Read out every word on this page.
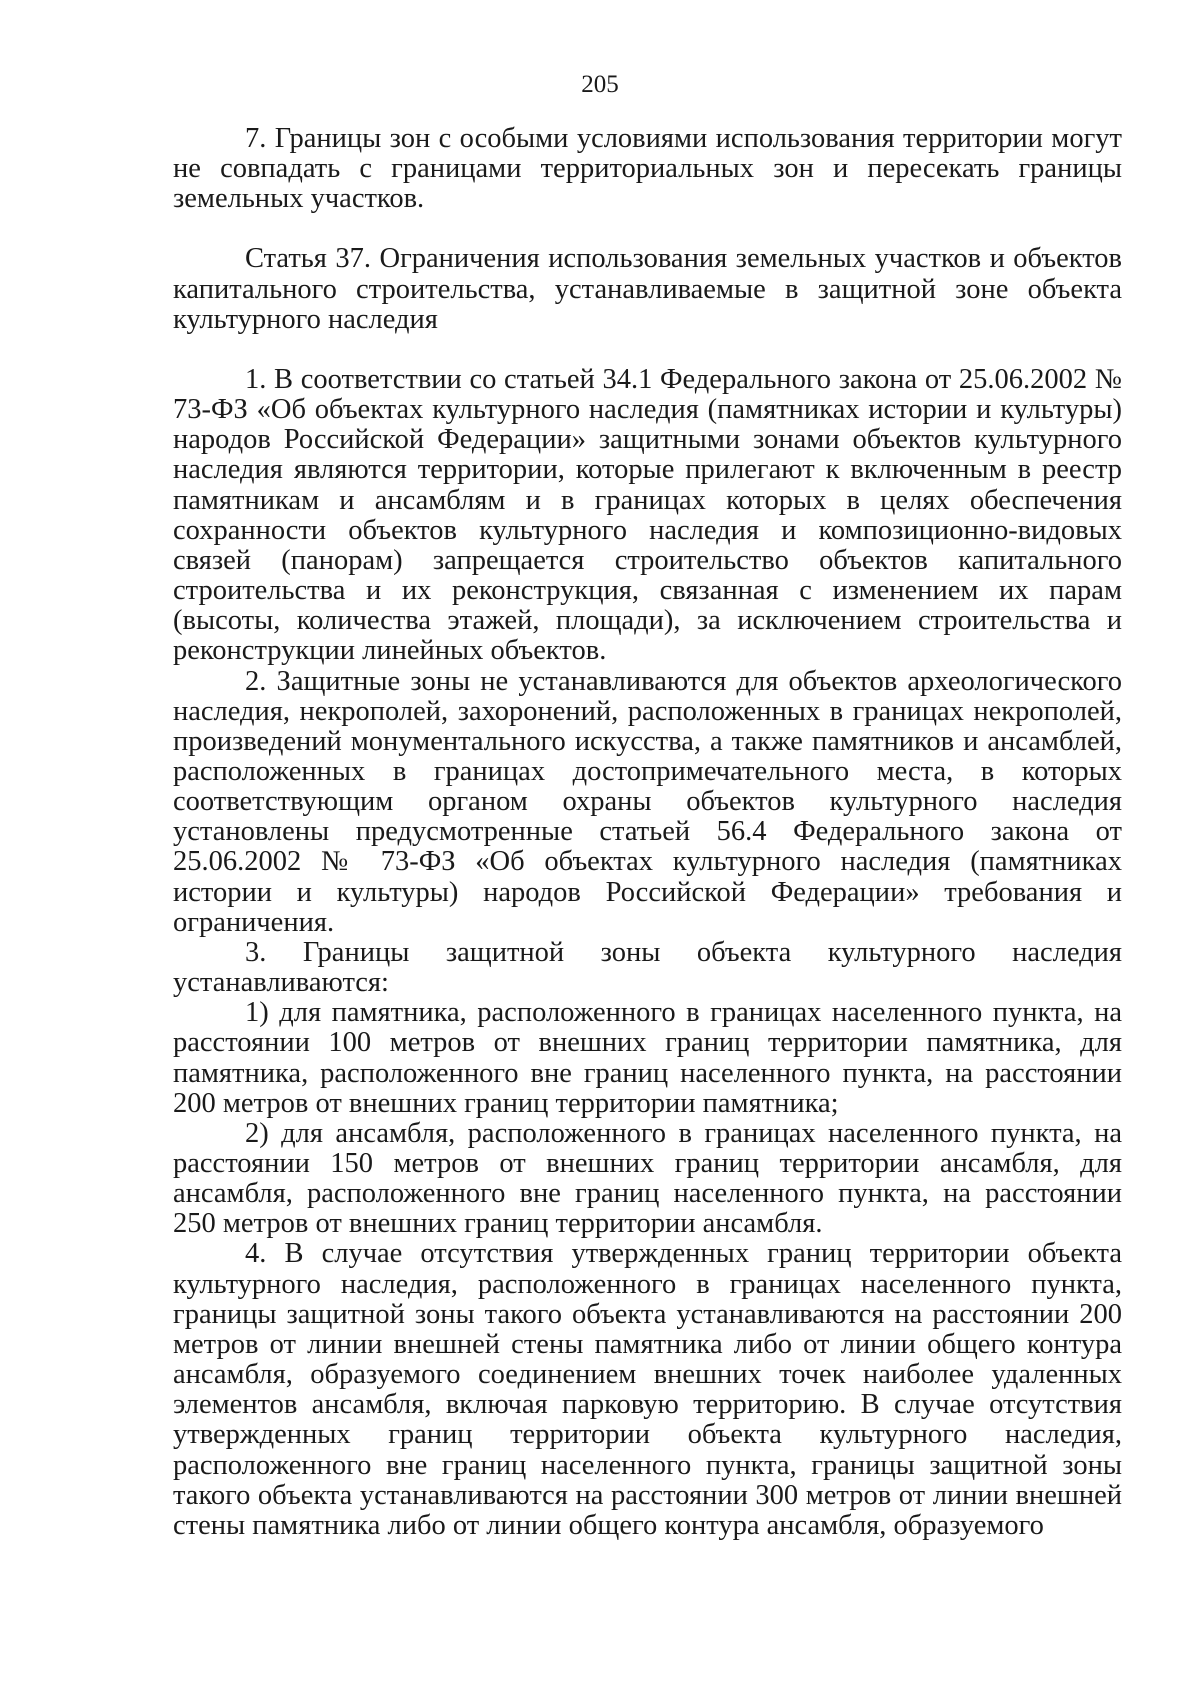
205

7. Границы зон с особыми условиями использования территории могут не совпадать с границами территориальных зон и пересекать границы земельных участков.

Статья 37. Ограничения использования земельных участков и объектов капитального строительства, устанавливаемые в защитной зоне объекта культурного наследия

1. В соответствии со статьей 34.1 Федерального закона от 25.06.2002 № 73-ФЗ «Об объектах культурного наследия (памятниках истории и культуры) народов Российской Федерации» защитными зонами объектов культурного наследия являются территории, которые прилегают к включенным в реестр памятникам и ансамблям и в границах которых в целях обеспечения сохранности объектов культурного наследия и композиционно-видовых связей (панорам) запрещается строительство объектов капитального строительства и их реконструкция, связанная с изменением их парам (высоты, количества этажей, площади), за исключением строительства и реконструкции линейных объектов.

2. Защитные зоны не устанавливаются для объектов археологического наследия, некрополей, захоронений, расположенных в границах некрополей, произведений монументального искусства, а также памятников и ансамблей, расположенных в границах достопримечательного места, в которых соответствующим органом охраны объектов культурного наследия установлены предусмотренные статьей 56.4 Федерального закона от 25.06.2002 № 73-ФЗ «Об объектах культурного наследия (памятниках истории и культуры) народов Российской Федерации» требования и ограничения.

3. Границы защитной зоны объекта культурного наследия устанавливаются:

1) для памятника, расположенного в границах населенного пункта, на расстоянии 100 метров от внешних границ территории памятника, для памятника, расположенного вне границ населенного пункта, на расстоянии 200 метров от внешних границ территории памятника;

2) для ансамбля, расположенного в границах населенного пункта, на расстоянии 150 метров от внешних границ территории ансамбля, для ансамбля, расположенного вне границ населенного пункта, на расстоянии 250 метров от внешних границ территории ансамбля.

4. В случае отсутствия утвержденных границ территории объекта культурного наследия, расположенного в границах населенного пункта, границы защитной зоны такого объекта устанавливаются на расстоянии 200 метров от линии внешней стены памятника либо от линии общего контура ансамбля, образуемого соединением внешних точек наиболее удаленных элементов ансамбля, включая парковую территорию. В случае отсутствия утвержденных границ территории объекта культурного наследия, расположенного вне границ населенного пункта, границы защитной зоны такого объекта устанавливаются на расстоянии 300 метров от линии внешней стены памятника либо от линии общего контура ансамбля, образуемого
